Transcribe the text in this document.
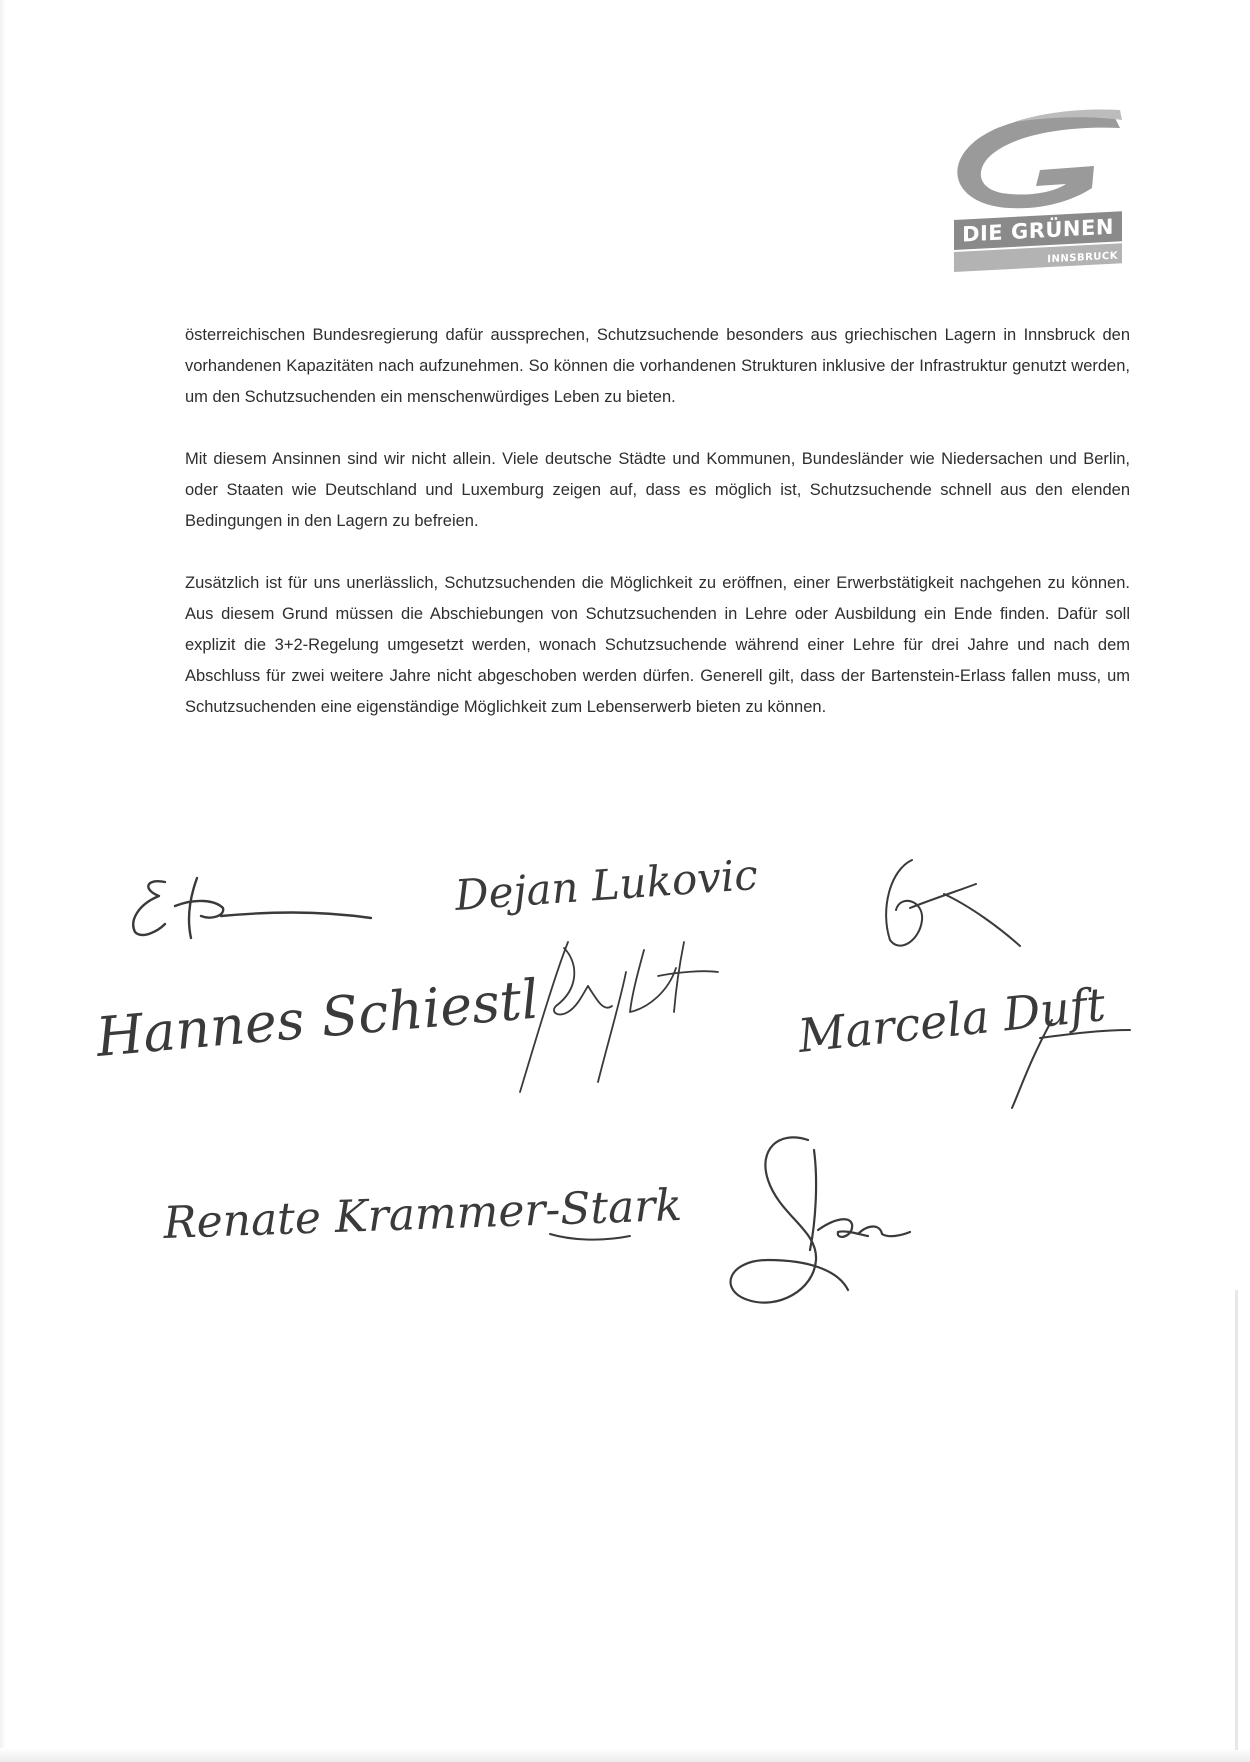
DIE GRÜNEN
INNSBRUCK

österreichischen Bundesregierung dafür aussprechen, Schutzsuchende besonders aus griechischen Lagern in Innsbruck den vorhandenen Kapazitäten nach aufzunehmen. So können die vorhandenen Strukturen inklusive der Infrastruktur genutzt werden, um den Schutzsuchenden ein menschenwürdiges Leben zu bieten.

Mit diesem Ansinnen sind wir nicht allein. Viele deutsche Städte und Kommunen, Bundesländer wie Niedersachen und Berlin, oder Staaten wie Deutschland und Luxemburg zeigen auf, dass es möglich ist, Schutzsuchende schnell aus den elenden Bedingungen in den Lagern zu befreien.

Zusätzlich ist für uns unerlässlich, Schutzsuchenden die Möglichkeit zu eröffnen, einer Erwerbstätigkeit nachgehen zu können. Aus diesem Grund müssen die Abschiebungen von Schutzsuchenden in Lehre oder Ausbildung ein Ende finden. Dafür soll explizit die 3+2-Regelung umgesetzt werden, wonach Schutzsuchende während einer Lehre für drei Jahre und nach dem Abschluss für zwei weitere Jahre nicht abgeschoben werden dürfen. Generell gilt, dass der Bartenstein-Erlass fallen muss, um Schutzsuchenden eine eigenständige Möglichkeit zum Lebenserwerb bieten zu können.

Dejan Lukovic
Hannes Schiestl	Marcela Duft
Renate Krammer-Stark
